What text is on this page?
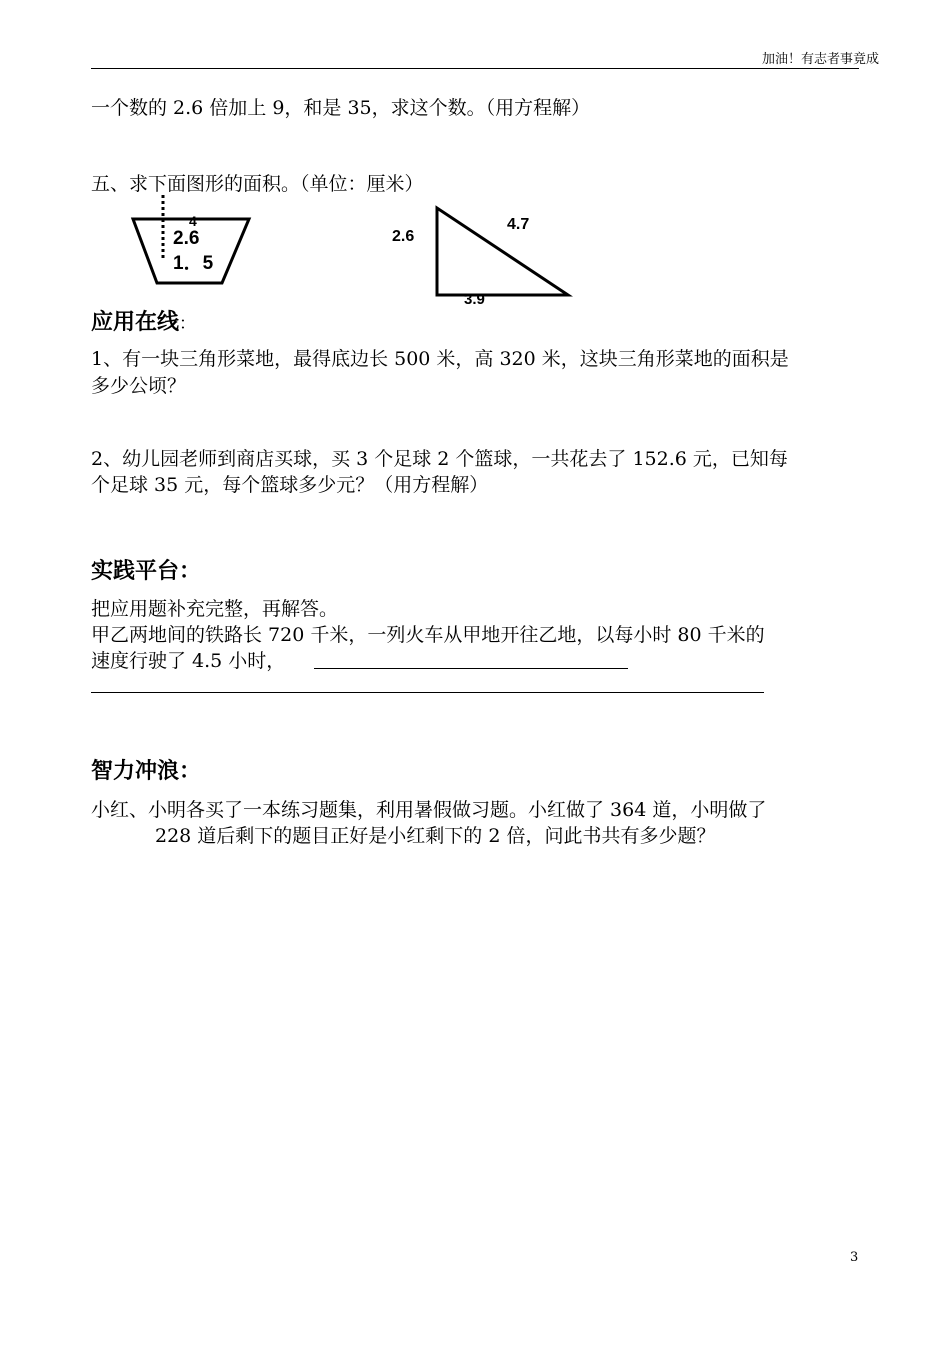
加油！有志者事竟成
一个数的 2.6 倍加上 9，和是 35，求这个数。（用方程解）
五、求下面图形的面积。（单位：厘米）
4
2.6
1．5
2.6
4.7
3.9
应用在线：
1、有一块三角形菜地，最得底边长 500 米，高 320 米，这块三角形菜地的面积是
多少公顷？
2、幼儿园老师到商店买球，买 3 个足球 2 个篮球，一共花去了 152.6 元，已知每
个足球 35 元，每个篮球多少元？（用方程解）
实践平台：
把应用题补充完整，再解答。
甲乙两地间的铁路长 720 千米，一列火车从甲地开往乙地，以每小时 80 千米的
速度行驶了 4.5 小时，
智力冲浪：
小红、小明各买了一本练习题集，利用暑假做习题。小红做了 364 道，小明做了
228 道后剩下的题目正好是小红剩下的 2 倍，问此书共有多少题？
3
